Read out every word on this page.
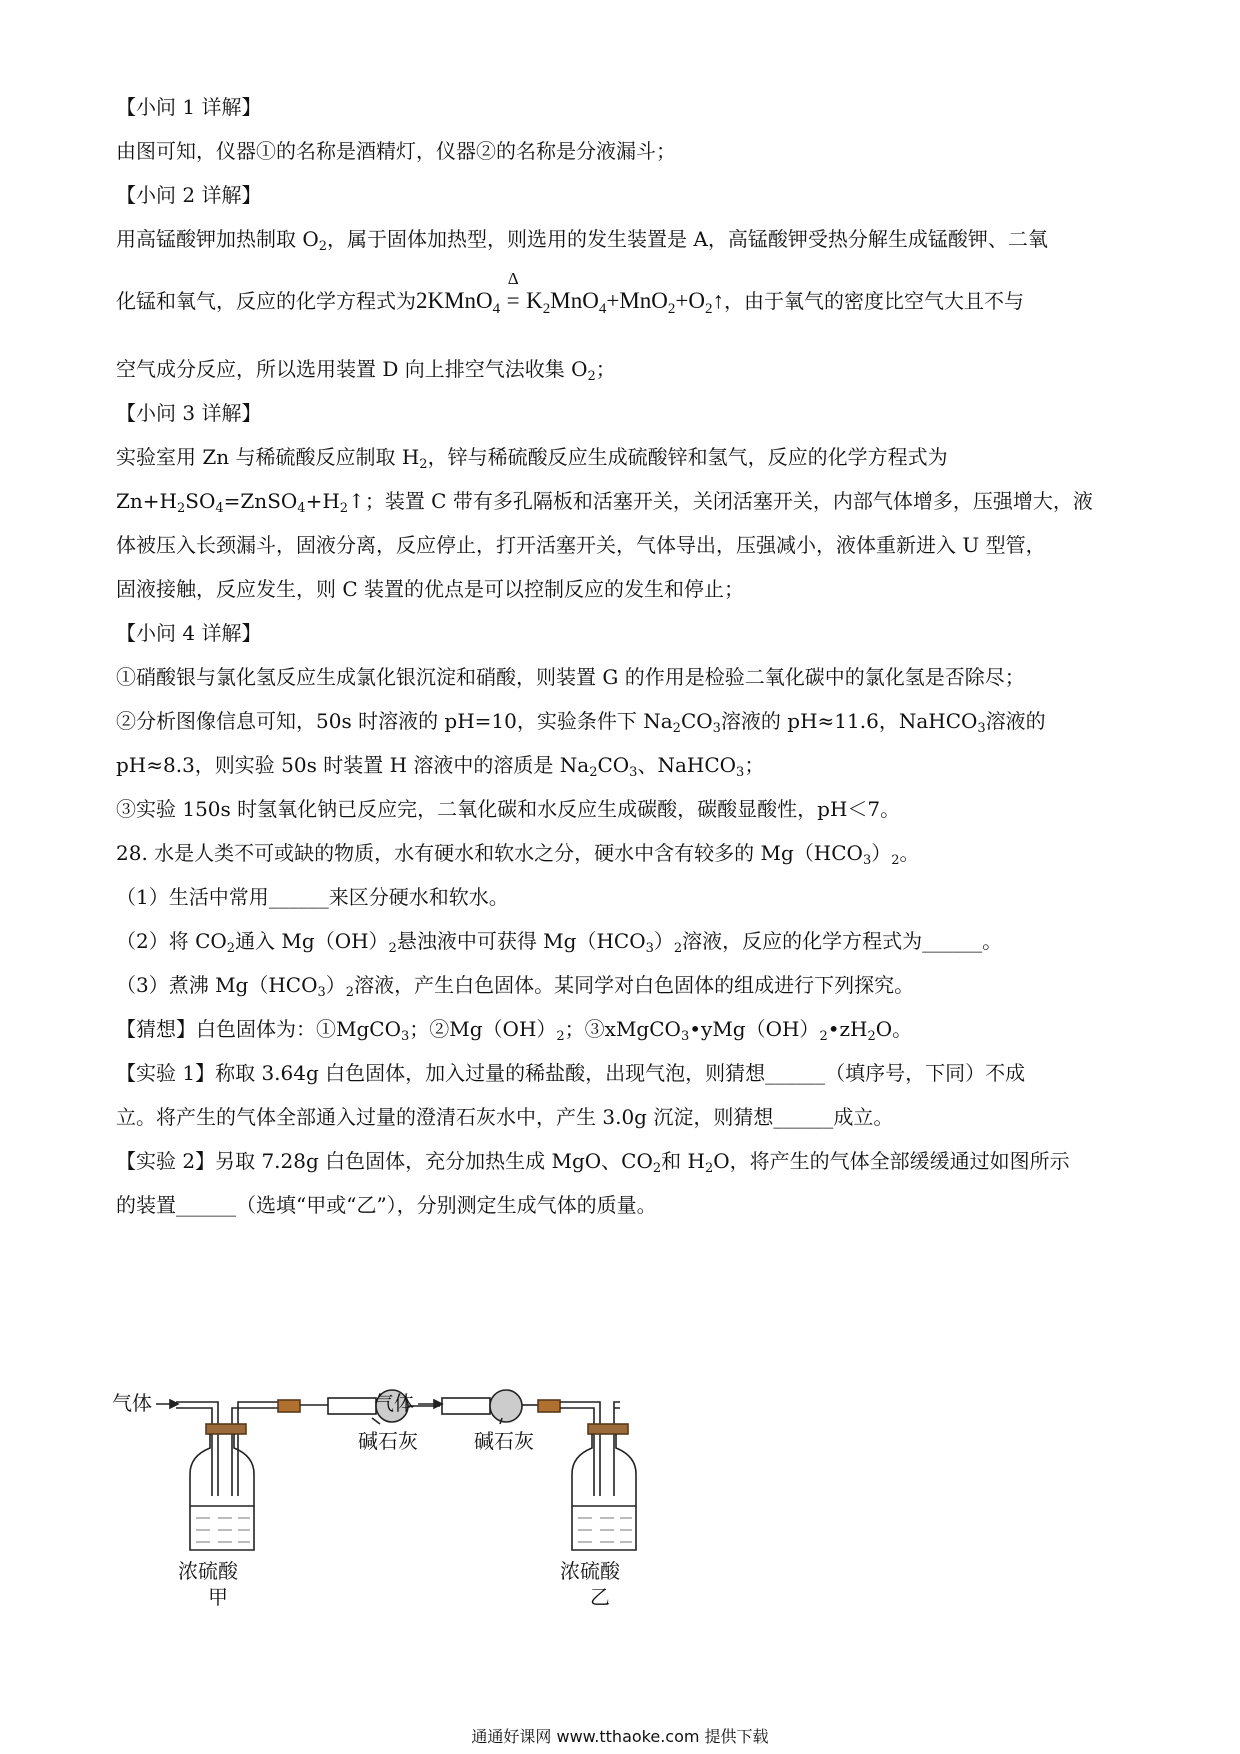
【小问 1 详解】
由图可知，仪器①的名称是酒精灯，仪器②的名称是分液漏斗；
【小问 2 详解】
用高锰酸钾加热制取 $O_2$，属于固体加热型，则选用的发生装置是 A，高锰酸钾受热分解生成锰酸钾、二氧
化锰和氧气，反应的化学方程式为2KMnO$_4$
Δ
= $K_2MnO_4+MnO_2+O_2↑$，由于氧气的密度比空气大且不与
空气成分反应，所以选用装置 D 向上排空气法收集 $O_2$；
【小问 3 详解】
实验室用 Zn 与稀硫酸反应制取 $H_2$，锌与稀硫酸反应生成硫酸锌和氢气，反应的化学方程式为
$Zn+H_2SO_4=ZnSO_4+H_2↑$；装置 C 带有多孔隔板和活塞开关，关闭活塞开关，内部气体增多，压强增大，液
体被压入长颈漏斗，固液分离，反应停止，打开活塞开关，气体导出，压强减小，液体重新进入 U 型管，
固液接触，反应发生，则 C 装置的优点是可以控制反应的发生和停止；
【小问 4 详解】
①硝酸银与氯化氢反应生成氯化银沉淀和硝酸，则装置 G 的作用是检验二氧化碳中的氯化氢是否除尽；
②分析图像信息可知，50s 时溶液的 pH=10，实验条件下 $Na_2CO_3$溶液的 pH≈11.6，NaHCO$_3$溶液的
pH≈8.3，则实验 50s 时装置 H 溶液中的溶质是 $Na_2CO_3$、NaHCO$_3$；
③实验 150s 时氢氧化钠已反应完，二氧化碳和水反应生成碳酸，碳酸显酸性，pH＜7。
28. 水是人类不可或缺的物质，水有硬水和软水之分，硬水中含有较多的 $Mg(HCO_3)_2$。
（1）生活中常用______来区分硬水和软水。
（2）将 $CO_2$通入 $Mg(OH)_2$悬浊液中可获得 $Mg(HCO_3)_2$溶液，反应的化学方程式为______。
（3）煮沸 $Mg(HCO_3)_2$溶液，产生白色固体。某同学对白色固体的组成进行下列探究。
【猜想】白色固体为：①MgCO$_3$；$②Mg(OH)_2$；$③xMgCO_3•yMg(OH)_2•zH_2O$。
【实验 1】称取 3.64g 白色固体，加入过量的稀盐酸，出现气泡，则猜想______（填序号，下同）不成
立。将产生的气体全部通入过量的澄清石灰水中，产生 3.0g 沉淀，则猜想______成立。
【实验 2】另取 7.28g 白色固体，充分加热生成 MgO、$CO_2$和 $H_2O$，将产生的气体全部缓缓通过如图所示
的装置______（选填“甲或“乙”），分别测定生成气体的质量。
气体
碱石灰
浓硫酸
甲
气体
碱石灰
浓硫酸
乙
通通好课网 www.tthaoke.com 提供下载
